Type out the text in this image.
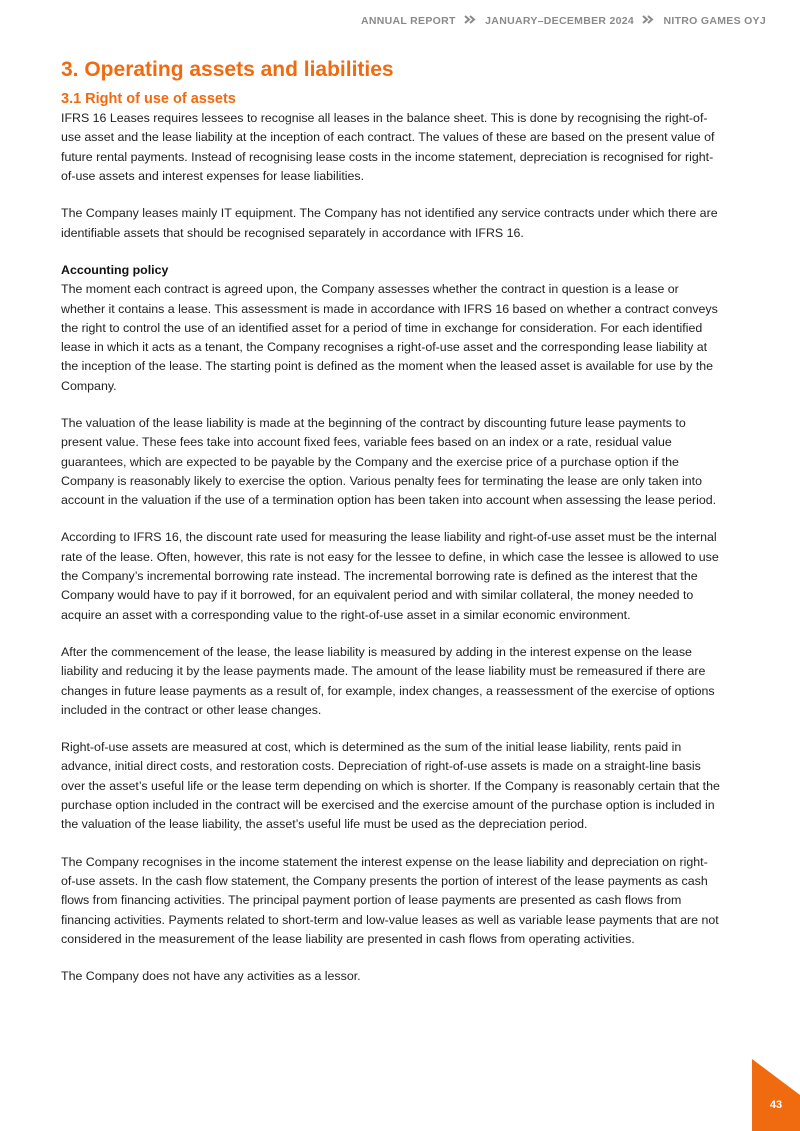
ANNUAL REPORT	JANUARY–DECEMBER 2024	NITRO GAMES OYJ
3. Operating assets and liabilities
3.1 Right of use of assets

IFRS 16 Leases requires lessees to recognise all leases in the balance sheet. This is done by recognising the right-of-use asset and the lease liability at the inception of each contract. The values of these are based on the present value of future rental payments. Instead of recognising lease costs in the income statement, depreciation is recognised for right-of-use assets and interest expenses for lease liabilities.

The Company leases mainly IT equipment. The Company has not identified any service contracts under which there are identifiable assets that should be recognised separately in accordance with IFRS 16.

Accounting policy

The moment each contract is agreed upon, the Company assesses whether the contract in question is a lease or whether it contains a lease. This assessment is made in accordance with IFRS 16 based on whether a contract conveys the right to control the use of an identified asset for a period of time in exchange for consideration. For each identified lease in which it acts as a tenant, the Company recognises a right-of-use asset and the corresponding lease liability at the inception of the lease. The starting point is defined as the moment when the leased asset is available for use by the Company.

The valuation of the lease liability is made at the beginning of the contract by discounting future lease payments to present value. These fees take into account fixed fees, variable fees based on an index or a rate, residual value guarantees, which are expected to be payable by the Company and the exercise price of a purchase option if the Company is reasonably likely to exercise the option. Various penalty fees for terminating the lease are only taken into account in the valuation if the use of a termination option has been taken into account when assessing the lease period.

According to IFRS 16, the discount rate used for measuring the lease liability and right-of-use asset must be the internal rate of the lease. Often, however, this rate is not easy for the lessee to define, in which case the lessee is allowed to use the Company’s incremental borrowing rate instead. The incremental borrowing rate is defined as the interest that the Company would have to pay if it borrowed, for an equivalent period and with similar collateral, the money needed to acquire an asset with a corresponding value to the right-of-use asset in a similar economic environment.

After the commencement of the lease, the lease liability is measured by adding in the interest expense on the lease liability and reducing it by the lease payments made. The amount of the lease liability must be remeasured if there are changes in future lease payments as a result of, for example, index changes, a reassessment of the exercise of options included in the contract or other lease changes.

Right-of-use assets are measured at cost, which is determined as the sum of the initial lease liability, rents paid in advance, initial direct costs, and restoration costs. Depreciation of right-of-use assets is made on a straight-line basis over the asset’s useful life or the lease term depending on which is shorter. If the Company is reasonably certain that the purchase option included in the contract will be exercised and the exercise amount of the purchase option is included in the valuation of the lease liability, the asset’s useful life must be used as the depreciation period.

The Company recognises in the income statement the interest expense on the lease liability and depreciation on right-of-use assets. In the cash flow statement, the Company presents the portion of interest of the lease payments as cash flows from financing activities. The principal payment portion of lease payments are presented as cash flows from financing activities. Payments related to short-term and low-value leases as well as variable lease payments that are not considered in the measurement of the lease liability are presented in cash flows from operating activities.

The Company does not have any activities as a lessor.

43
